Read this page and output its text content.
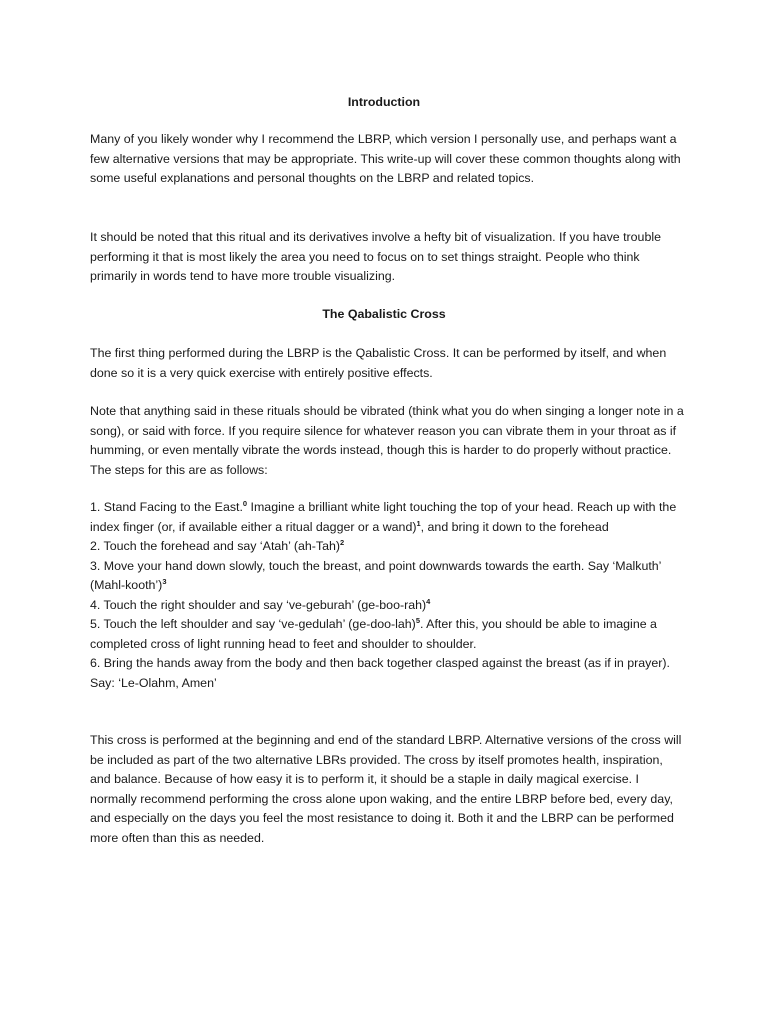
Introduction

Many of you likely wonder why I recommend the LBRP, which version I personally use, and perhaps want a few alternative versions that may be appropriate. This write-up will cover these common thoughts along with some useful explanations and personal thoughts on the LBRP and related topics.

It should be noted that this ritual and its derivatives involve a hefty bit of visualization. If you have trouble performing it that is most likely the area you need to focus on to set things straight. People who think primarily in words tend to have more trouble visualizing.

The Qabalistic Cross

The first thing performed during the LBRP is the Qabalistic Cross. It can be performed by itself, and when done so it is a very quick exercise with entirely positive effects.

Note that anything said in these rituals should be vibrated (think what you do when singing a longer note in a song), or said with force. If you require silence for whatever reason you can vibrate them in your throat as if humming, or even mentally vibrate the words instead, though this is harder to do properly without practice. The steps for this are as follows:

1. Stand Facing to the East.$^0$ Imagine a brilliant white light touching the top of your head. Reach up with the index finger (or, if available either a ritual dagger or a wand)$^1$, and bring it down to the forehead
2. Touch the forehead and say ‘Atah’ $(ah-Tah)^2$
3. Move your hand down slowly, touch the breast, and point downwards towards the earth. Say ‘Malkuth’ (Mahl-kooth’)$^3$
4. Touch the right shoulder and say ‘ve-geburah’ $(ge-boo-rah)^4$
5. Touch the left shoulder and say ‘ve-gedulah’ $(ge-doo-lah)^5$. After this, you should be able to imagine a completed cross of light running head to feet and shoulder to shoulder.
6. Bring the hands away from the body and then back together clasped against the breast (as if in prayer). Say: ‘Le-Olahm, Amen’

This cross is performed at the beginning and end of the standard LBRP. Alternative versions of the cross will be included as part of the two alternative LBRs provided. The cross by itself promotes health, inspiration, and balance. Because of how easy it is to perform it, it should be a staple in daily magical exercise. I normally recommend performing the cross alone upon waking, and the entire LBRP before bed, every day, and especially on the days you feel the most resistance to doing it. Both it and the LBRP can be performed more often than this as needed.
